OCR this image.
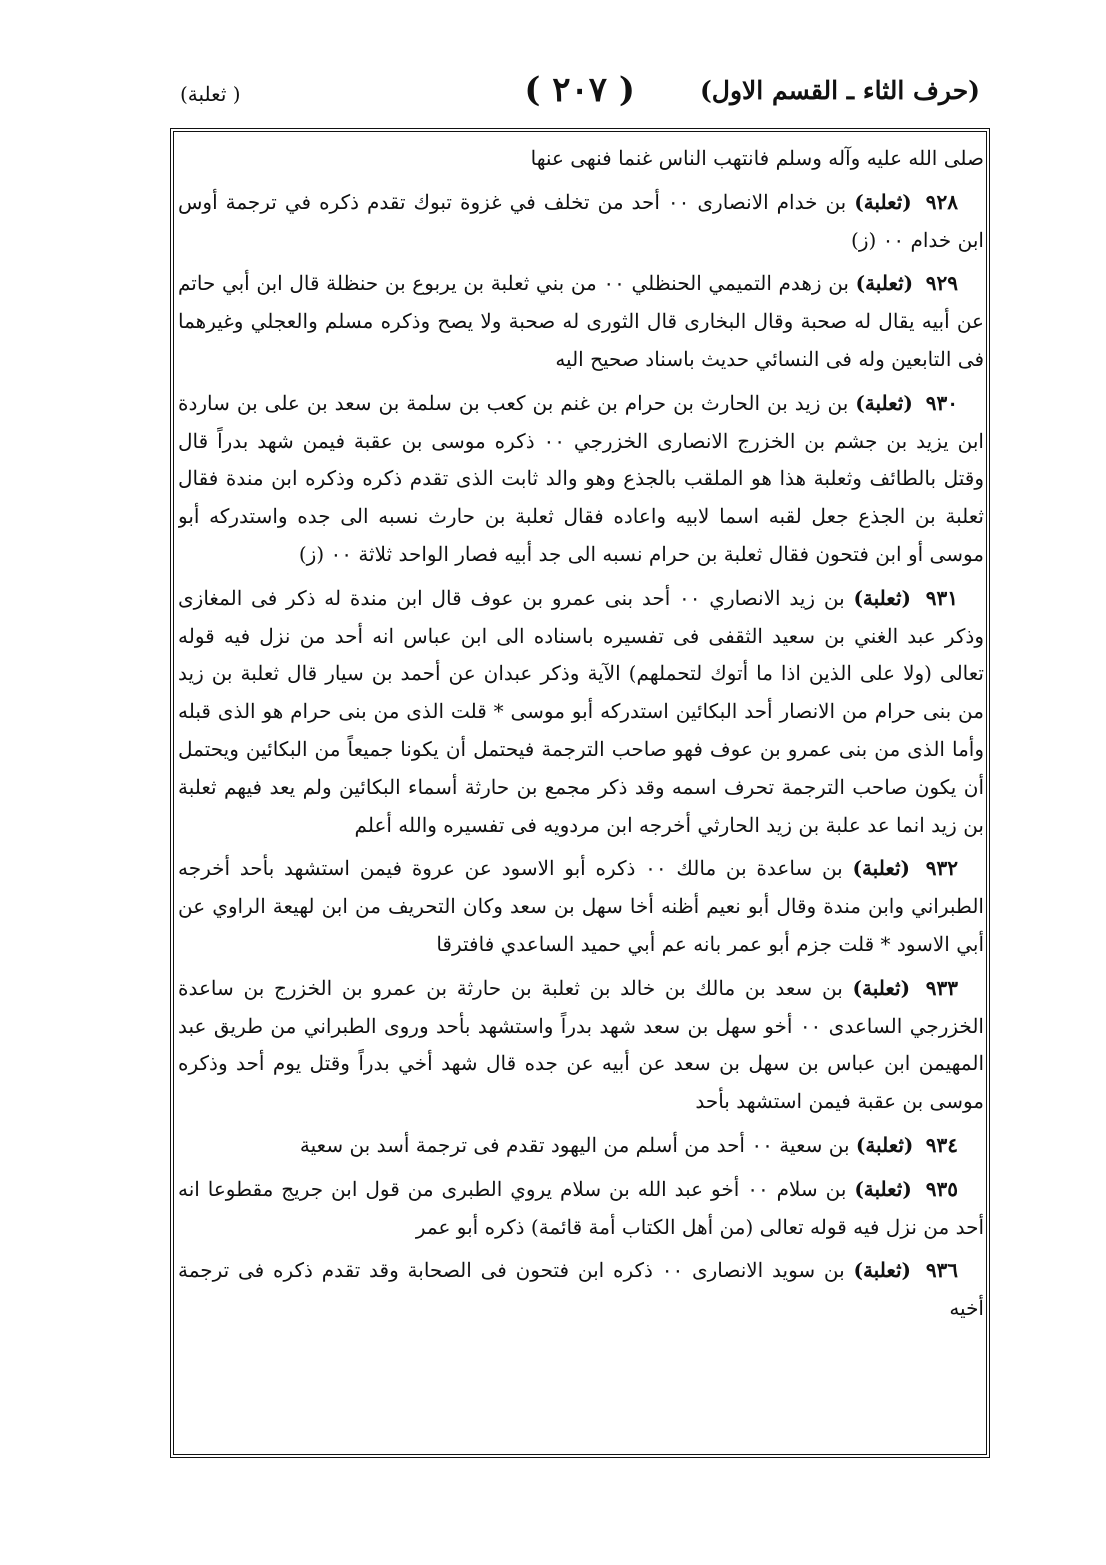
(حرف الثاء ـ القسم الاول)
( ٢٠٧ )
( ثعلبة)

صلى الله عليه وآله وسلم فانتهب الناس غنما فنهى عنها

٩٢٨ (ثعلبة) بن خدام الانصارى ٠٠ أحد من تخلف في غزوة تبوك تقدم ذكره في ترجمة أوس ابن خدام ٠٠ (ز)

٩٢٩ (ثعلبة) بن زهدم التميمي الحنظلي ٠٠ من بني ثعلبة بن يربوع بن حنظلة قال ابن أبي حاتم عن أبيه يقال له صحبة وقال البخارى قال الثورى له صحبة ولا يصح وذكره مسلم والعجلي وغيرهما فى التابعين وله فى النسائي حديث باسناد صحيح اليه

٩٣٠ (ثعلبة) بن زيد بن الحارث بن حرام بن غنم بن كعب بن سلمة بن سعد بن على بن ساردة ابن يزيد بن جشم بن الخزرج الانصارى الخزرجي ٠٠ ذكره موسى بن عقبة فيمن شهد بدراً قال وقتل بالطائف وثعلبة هذا هو الملقب بالجذع وهو والد ثابت الذى تقدم ذكره وذكره ابن مندة فقال ثعلبة بن الجذع جعل لقبه اسما لابيه واعاده فقال ثعلبة بن حارث نسبه الى جده واستدركه أبو موسى أو ابن فتحون فقال ثعلبة بن حرام نسبه الى جد أبيه فصار الواحد ثلاثة ٠٠ (ز)

٩٣١ (ثعلبة) بن زيد الانصاري ٠٠ أحد بنى عمرو بن عوف قال ابن مندة له ذكر فى المغازى وذكر عبد الغني بن سعيد الثقفى فى تفسيره باسناده الى ابن عباس انه أحد من نزل فيه قوله تعالى (ولا على الذين اذا ما أتوك لتحملهم) الآية وذكر عبدان عن أحمد بن سيار قال ثعلبة بن زيد من بنى حرام من الانصار أحد البكائين استدركه أبو موسى * قلت الذى من بنى حرام هو الذى قبله وأما الذى من بنى عمرو بن عوف فهو صاحب الترجمة فيحتمل أن يكونا جميعاً من البكائين ويحتمل أن يكون صاحب الترجمة تحرف اسمه وقد ذكر مجمع بن حارثة أسماء البكائين ولم يعد فيهم ثعلبة بن زيد انما عد علبة بن زيد الحارثي أخرجه ابن مردويه فى تفسيره والله أعلم

٩٣٢ (ثعلبة) بن ساعدة بن مالك ٠٠ ذكره أبو الاسود عن عروة فيمن استشهد بأحد أخرجه الطبراني وابن مندة وقال أبو نعيم أظنه أخا سهل بن سعد وكان التحريف من ابن لهيعة الراوي عن أبي الاسود * قلت جزم أبو عمر بانه عم أبي حميد الساعدي فافترقا

٩٣٣ (ثعلبة) بن سعد بن مالك بن خالد بن ثعلبة بن حارثة بن عمرو بن الخزرج بن ساعدة الخزرجي الساعدى ٠٠ أخو سهل بن سعد شهد بدراً واستشهد بأحد وروى الطبراني من طريق عبد المهيمن ابن عباس بن سهل بن سعد عن أبيه عن جده قال شهد أخي بدراً وقتل يوم أحد وذكره موسى بن عقبة فيمن استشهد بأحد

٩٣٤ (ثعلبة) بن سعية ٠٠ أحد من أسلم من اليهود تقدم فى ترجمة أسد بن سعية

٩٣٥ (ثعلبة) بن سلام ٠٠ أخو عبد الله بن سلام يروي الطبرى من قول ابن جريج مقطوعا انه أحد من نزل فيه قوله تعالى (من أهل الكتاب أمة قائمة) ذكره أبو عمر

٩٣٦ (ثعلبة) بن سويد الانصارى ٠٠ ذكره ابن فتحون فى الصحابة وقد تقدم ذكره فى ترجمة أخيه
